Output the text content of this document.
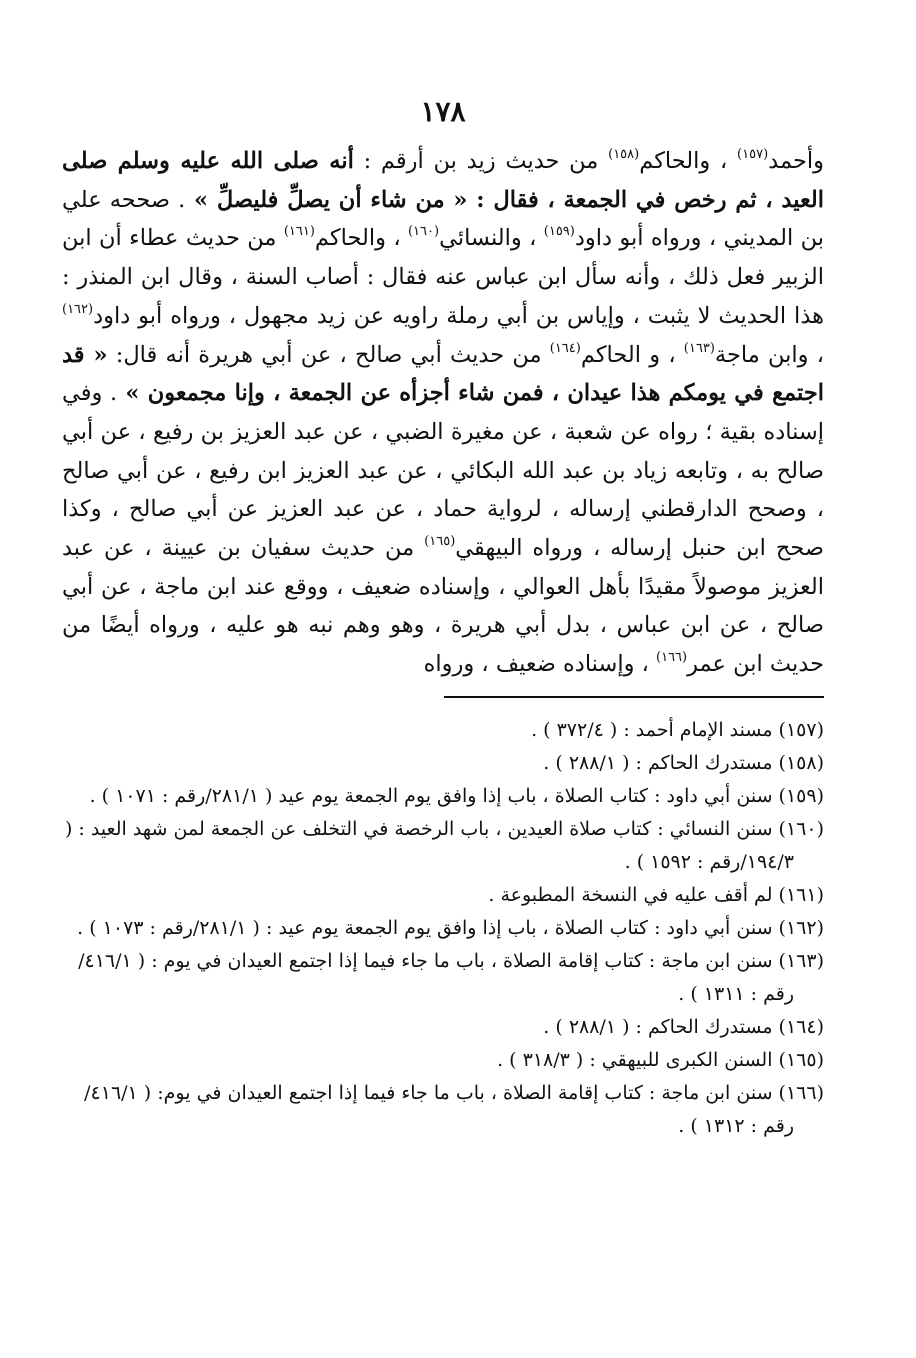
١٧٨

وأحمد$^{(١٥٧)}$ ، والحاكم$^{(١٥٨)}$ من حديث زيد بن أرقم : أنه صلى الله عليه وسلم صلى العيد ، ثم رخص في الجمعة ، فقال : « من شاء أن يصلِّ فليصلِّ » . صححه علي بن المديني ، ورواه أبو داود$^{(١٥٩)}$ ، والنسائي$^{(١٦٠)}$ ، والحاكم$^{(١٦١)}$ من حديث عطاء أن ابن الزبير فعل ذلك ، وأنه سأل ابن عباس عنه فقال : أصاب السنة ، وقال ابن المنذر : هذا الحديث لا يثبت ، وإياس بن أبي رملة راويه عن زيد مجهول ، ورواه أبو داود$^{(١٦٢)}$ ، وابن ماجة$^{(١٦٣)}$ ، و الحاكم$^{(١٦٤)}$ من حديث أبي صالح ، عن أبي هريرة أنه قال: « قد اجتمع في يومكم هذا عيدان ، فمن شاء أجزأه عن الجمعة ، وإنا مجمعون » . وفي إسناده بقية ؛ رواه عن شعبة ، عن مغيرة الضبي ، عن عبد العزيز بن رفيع ، عن أبي صالح به ، وتابعه زياد بن عبد الله البكائي ، عن عبد العزيز ابن رفيع ، عن أبي صالح ، وصحح الدارقطني إرساله ، لرواية حماد ، عن عبد العزيز عن أبي صالح ، وكذا صحح ابن حنبل إرساله ، ورواه البيهقي$^{(١٦٥)}$ من حديث سفيان بن عيينة ، عن عبد العزيز موصولاً مقيدًا بأهل العوالي ، وإسناده ضعيف ، ووقع عند ابن ماجة ، عن أبي صالح ، عن ابن عباس ، بدل أبي هريرة ، وهو وهم نبه هو عليه ، ورواه أيضًا من حديث ابن عمر$^{(١٦٦)}$ ، وإسناده ضعيف ، ورواه

(١٥٧) مسند الإمام أحمد : ( ٣٧٢/٤ ) .
(١٥٨) مستدرك الحاكم : ( ٢٨٨/١ ) .
(١٥٩) سنن أبي داود : كتاب الصلاة ، باب إذا وافق يوم الجمعة يوم عيد ( ٢٨١/١/رقم : ١٠٧١ ) .
(١٦٠) سنن النسائي : كتاب صلاة العيدين ، باب الرخصة في التخلف عن الجمعة لمن شهد العيد : ( ١٩٤/٣/رقم : ١٥٩٢ ) .
(١٦١) لم أقف عليه في النسخة المطبوعة .
(١٦٢) سنن أبي داود : كتاب الصلاة ، باب إذا وافق يوم الجمعة يوم عيد : ( ٢٨١/١/رقم : ١٠٧٣ ) .
(١٦٣) سنن ابن ماجة : كتاب إقامة الصلاة ، باب ما جاء فيما إذا اجتمع العيدان في يوم : ( ٤١٦/١/رقم : ١٣١١ ) .
(١٦٤) مستدرك الحاكم : ( ٢٨٨/١ ) .
(١٦٥) السنن الكبرى للبيهقي : ( ٣١٨/٣ ) .
(١٦٦) سنن ابن ماجة : كتاب إقامة الصلاة ، باب ما جاء فيما إذا اجتمع العيدان في يوم: ( ٤١٦/١/رقم : ١٣١٢ ) .
